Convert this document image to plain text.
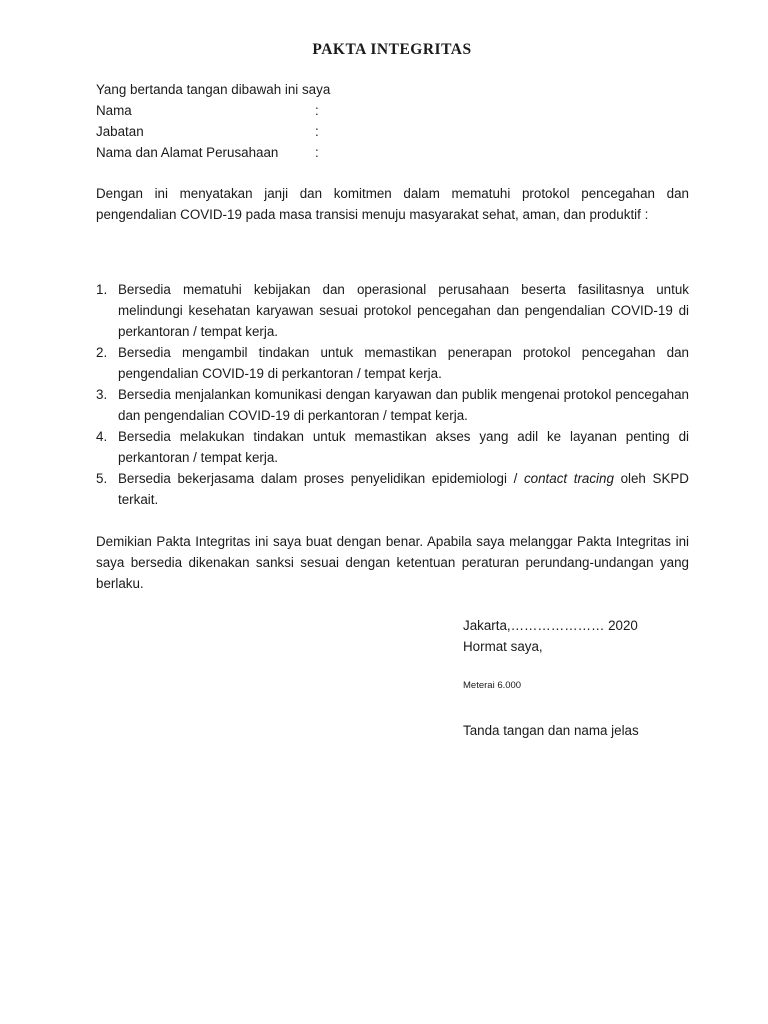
PAKTA INTEGRITAS
Yang bertanda tangan dibawah ini saya
Nama	:
Jabatan	:
Nama dan Alamat Perusahaan	:
Dengan ini menyatakan janji dan komitmen dalam mematuhi protokol pencegahan dan pengendalian COVID-19 pada masa transisi menuju masyarakat sehat, aman, dan produktif :
1. Bersedia mematuhi kebijakan dan operasional perusahaan beserta fasilitasnya untuk melindungi kesehatan karyawan sesuai protokol pencegahan dan pengendalian COVID-19 di perkantoran / tempat kerja.
2. Bersedia mengambil tindakan untuk memastikan penerapan protokol pencegahan dan pengendalian COVID-19 di perkantoran / tempat kerja.
3. Bersedia menjalankan komunikasi dengan karyawan dan publik mengenai protokol pencegahan dan pengendalian COVID-19 di perkantoran / tempat kerja.
4. Bersedia melakukan tindakan untuk memastikan akses yang adil ke layanan penting di perkantoran / tempat kerja.
5. Bersedia bekerjasama dalam proses penyelidikan epidemiologi / contact tracing oleh SKPD terkait.
Demikian Pakta Integritas ini saya buat dengan benar. Apabila saya melanggar Pakta Integritas ini saya bersedia dikenakan sanksi sesuai dengan ketentuan peraturan perundang-undangan yang berlaku.
Jakarta,………………… 2020
Hormat saya,
Meterai 6.000
Tanda tangan dan nama jelas
